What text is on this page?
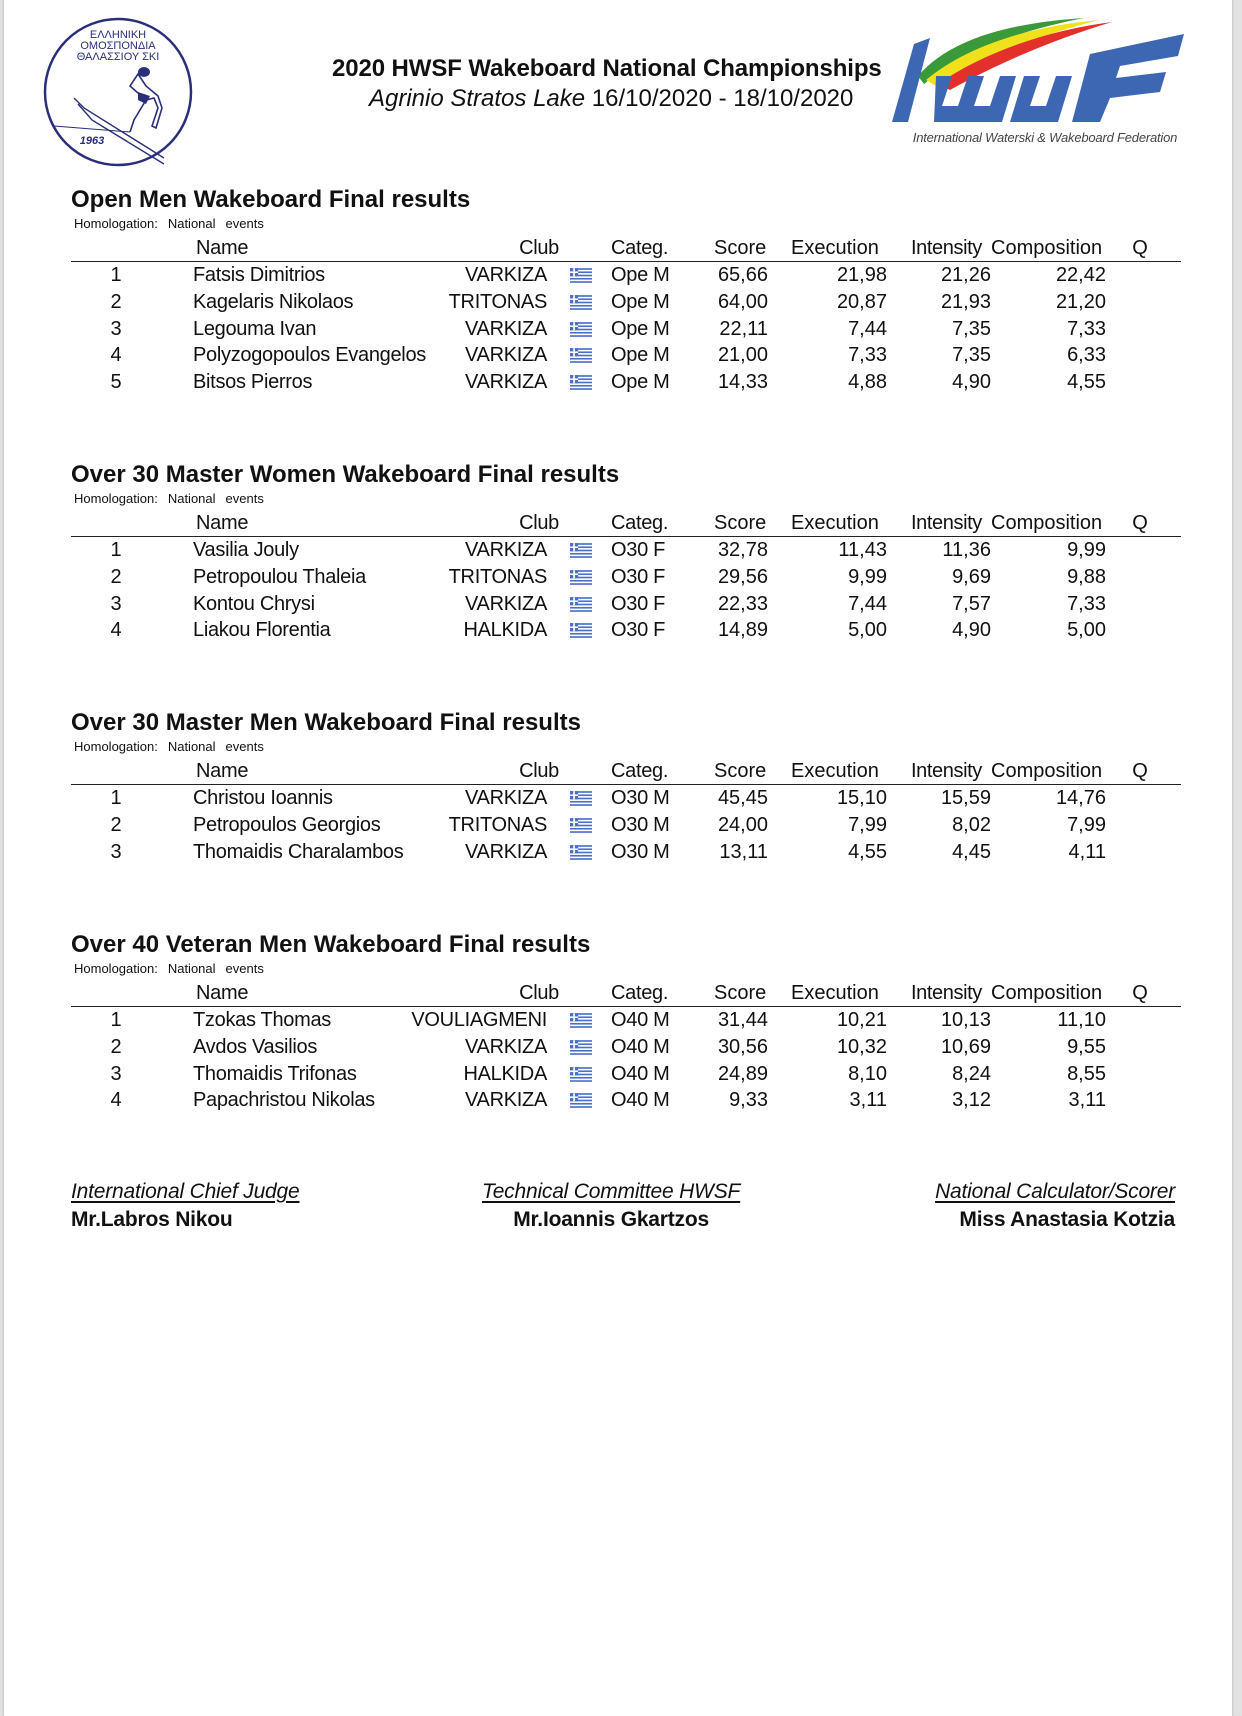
ΕΛΛΗΝΙΚΗ
ΟΜΟΣΠΟΝΔΙΑ
ΘΑΛΑΣΣΙΟΥ ΣΚΙ
1963
2020 HWSF Wakeboard National Championships
Agrinio Stratos Lake 16/10/2020 - 18/10/2020
International Waterski & Wakeboard Federation
Open Men Wakeboard Final results
Homologation: National events
Name	Club	Categ. Score Execution Intensity Composition Q
1	Fatsis Dimitrios	VARKIZA	Ope M	65,66	21,98	21,26	22,42
2	Kagelaris Nikolaos	TRITONAS	Ope M	64,00	20,87	21,93	21,20
3	Legouma Ivan	VARKIZA	Ope M	22,11	7,44	7,35	7,33
4	Polyzogopoulos Evangelos VARKIZA	Ope M	21,00	7,33	7,35	6,33
5	Bitsos Pierros	VARKIZA	Ope M	14,33	4,88	4,90	4,55
Over 30 Master Women Wakeboard Final results
Homologation: National events
Name	Club	Categ. Score Execution Intensity Composition Q
1	Vasilia Jouly	VARKIZA	O30 F	32,78	11,43	11,36	9,99
2	Petropoulou Thaleia	TRITONAS	O30 F	29,56	9,99	9,69	9,88
3	Kontou Chrysi	VARKIZA	O30 F	22,33	7,44	7,57	7,33
4	Liakou Florentia	HALKIDA	O30 F	14,89	5,00	4,90	5,00
Over 30 Master Men Wakeboard Final results
Homologation: National events
Name	Club	Categ. Score Execution Intensity Composition Q
1	Christou Ioannis	VARKIZA	O30 M	45,45	15,10	15,59	14,76
2	Petropoulos Georgios	TRITONAS	O30 M	24,00	7,99	8,02	7,99
3	Thomaidis Charalambos	VARKIZA	O30 M	13,11	4,55	4,45	4,11
Over 40 Veteran Men Wakeboard Final results
Homologation: National events
Name	Club	Categ. Score Execution Intensity Composition Q
1	Tzokas Thomas	VOULIAGMENI	O40 M	31,44	10,21	10,13	11,10
2	Avdos Vasilios	VARKIZA	O40 M	30,56	10,32	10,69	9,55
3	Thomaidis Trifonas	HALKIDA	O40 M	24,89	8,10	8,24	8,55
4	Papachristou Nikolas	VARKIZA	O40 M	9,33	3,11	3,12	3,11
International Chief Judge
Mr.Labros Nikou
Technical Committee HWSF
Mr.Ioannis Gkartzos
National Calculator/Scorer
Miss Anastasia Kotzia
